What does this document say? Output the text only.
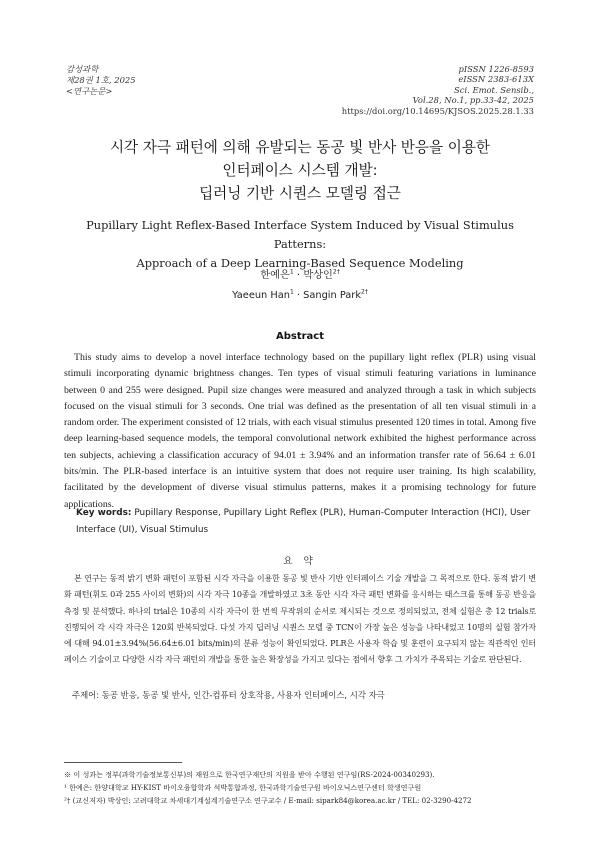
감성과학
제28권 1호, 2025
<연구논문>
pISSN 1226-8593
eISSN 2383-613X
Sci. Emot. Sensib.,
Vol.28, No.1, pp.33-42, 2025
https://doi.org/10.14695/KJSOS.2025.28.1.33
시각 자극 패턴에 의해 유발되는 동공 빛 반사 반응을 이용한
인터페이스 시스템 개발:
딥러닝 기반 시퀀스 모델링 접근
Pupillary Light Reflex-Based Interface System Induced by Visual Stimulus Patterns:
Approach of a Deep Learning-Based Sequence Modeling
한예은$^1$ · 박상인$^{2\dagger}$
Yaeeun Han$^1$ · Sangin Park$^{2\dagger}$
Abstract
This study aims to develop a novel interface technology based on the pupillary light reflex (PLR) using visual stimuli incorporating dynamic brightness changes. Ten types of visual stimuli featuring variations in luminance between 0 and 255 were designed. Pupil size changes were measured and analyzed through a task in which subjects focused on the visual stimuli for 3 seconds. One trial was defined as the presentation of all ten visual stimuli in a random order. The experiment consisted of 12 trials, with each visual stimulus presented 120 times in total. Among five deep learning-based sequence models, the temporal convolutional network exhibited the highest performance across ten subjects, achieving a classification accuracy of 94.01 ± 3.94% and an information transfer rate of 56.64 ± 6.01 bits/min. The PLR-based interface is an intuitive system that does not require user training. Its high scalability, facilitated by the development of diverse visual stimulus patterns, makes it a promising technology for future applications.
Key words: Pupillary Response, Pupillary Light Reflex (PLR), Human-Computer Interaction (HCI), User Interface (UI), Visual Stimulus
요 약
본 연구는 동적 밝기 변화 패턴이 포함된 시각 자극을 이용한 동공 빛 반사 기반 인터페이스 기술 개발을 그 목적으로 한다. 동적 밝기 변화 패턴(휘도 0과 255 사이의 변화)의 시각 자극 10종을 개발하였고 3초 동안 시각 자극 패턴 변화를 응시하는 태스크를 통해 동공 반응을 측정 및 분석했다. 하나의 trial은 10종의 시각 자극이 한 번씩 무작위의 순서로 제시되는 것으로 정의되었고, 전체 실험은 총 12 trials로 진행되어 각 시각 자극은 120회 반복되었다. 다섯 가지 딥러닝 시퀀스 모델 중 TCN이 가장 높은 성능을 나타내었고 10명의 실험 참가자에 대해 94.01±3.94%(56.64±6.01 bits/min)의 분류 성능이 확인되었다. PLR은 사용자 학습 및 훈련이 요구되지 않는 직관적인 인터페이스 기술이고 다양한 시각 자극 패턴의 개발을 통한 높은 확장성을 가지고 있다는 점에서 향후 그 가치가 주목되는 기술로 판단된다.
주제어: 동공 반응, 동공 빛 반사, 인간-컴퓨터 상호작용, 사용자 인터페이스, 시각 자극
※ 이 성과는 정부(과학기술정보통신부)의 재원으로 한국연구재단의 지원을 받아 수행된 연구임(RS-2024-00340293).
¹ 한예은: 한양대학교 HY-KIST 바이오융합학과 석박통합과정, 한국과학기술연구원 바이오닉스연구센터 학생연구원
²† (교신저자) 박상인: 고려대학교 차세대기계설계기술연구소 연구교수 / E-mail: sipark84@korea.ac.kr / TEL: 02-3290-4272
